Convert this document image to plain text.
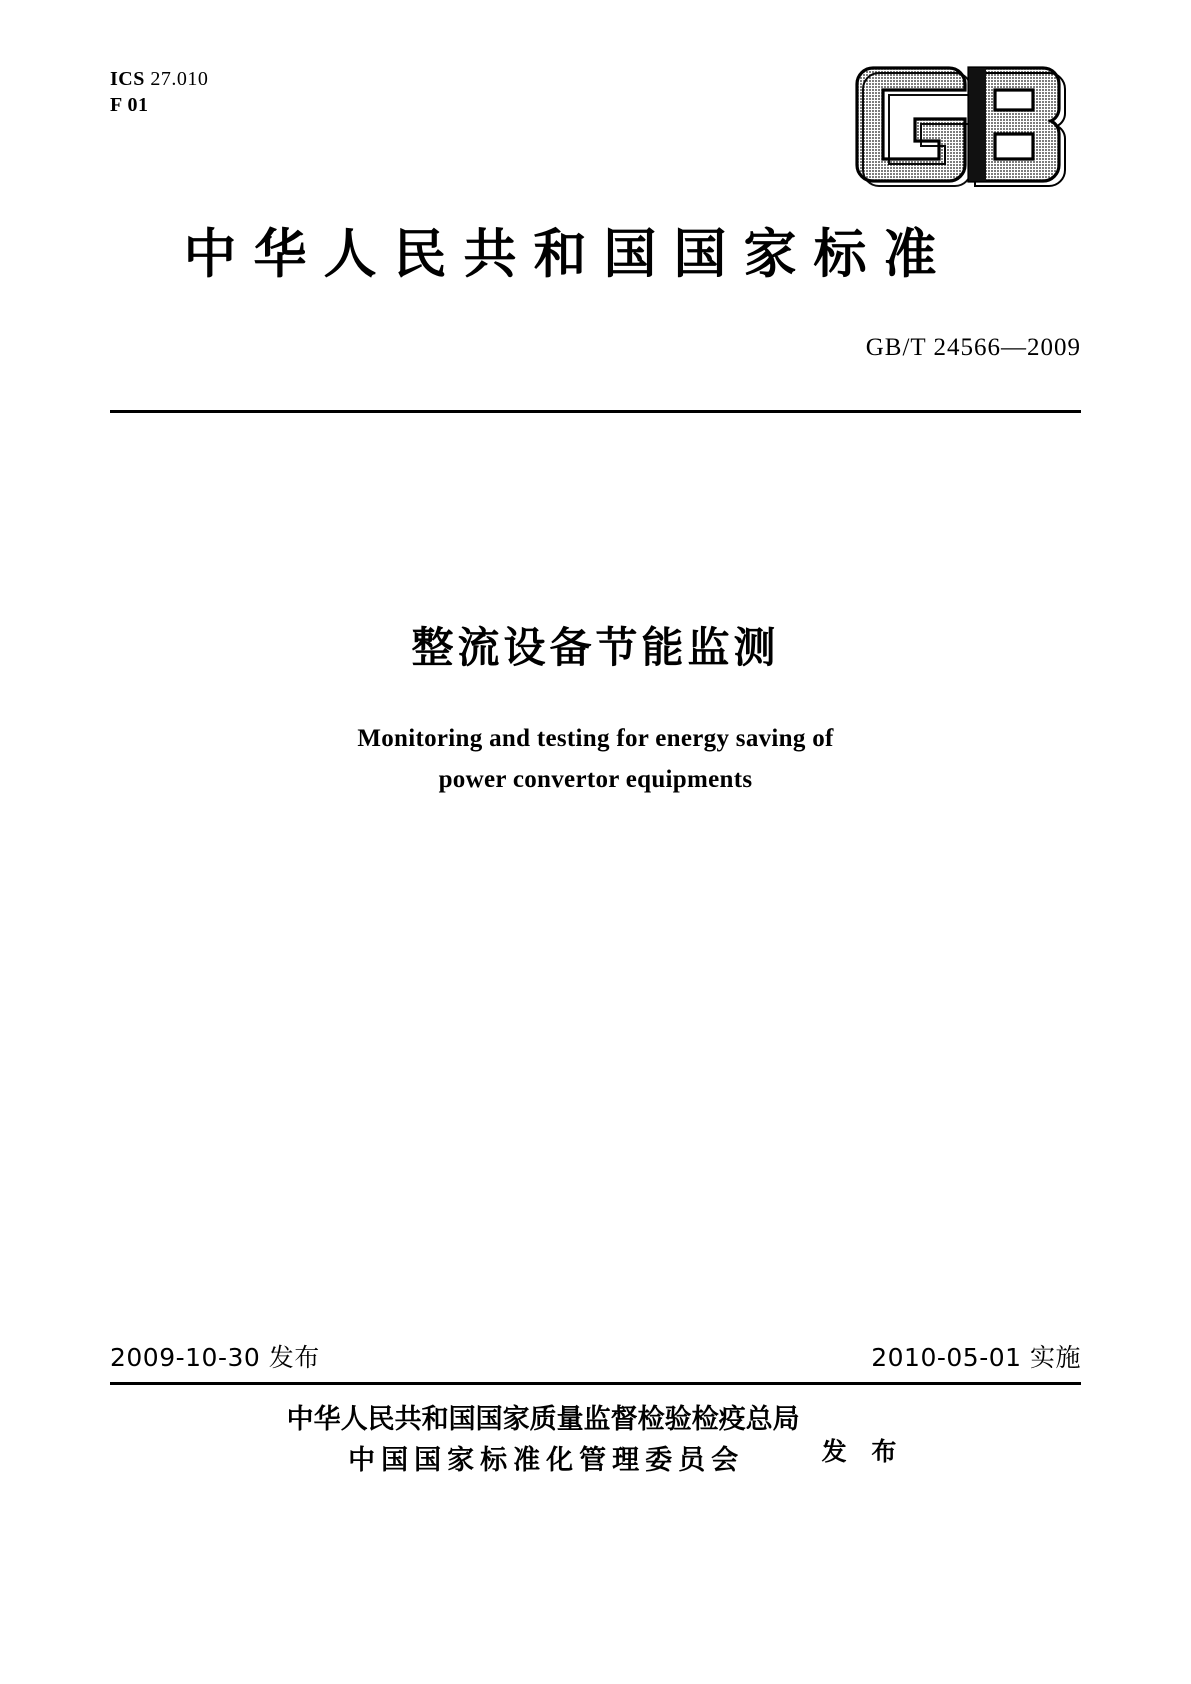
ICS 27.010
F 01
中华人民共和国国家标准
GB/T 24566—2009
整流设备节能监测
Monitoring and testing for energy saving of
power convertor equipments
2009-10-30 发布	2010-05-01 实施
中华人民共和国国家质量监督检验检疫总局
中国国家标准化管理委员会	发 布
